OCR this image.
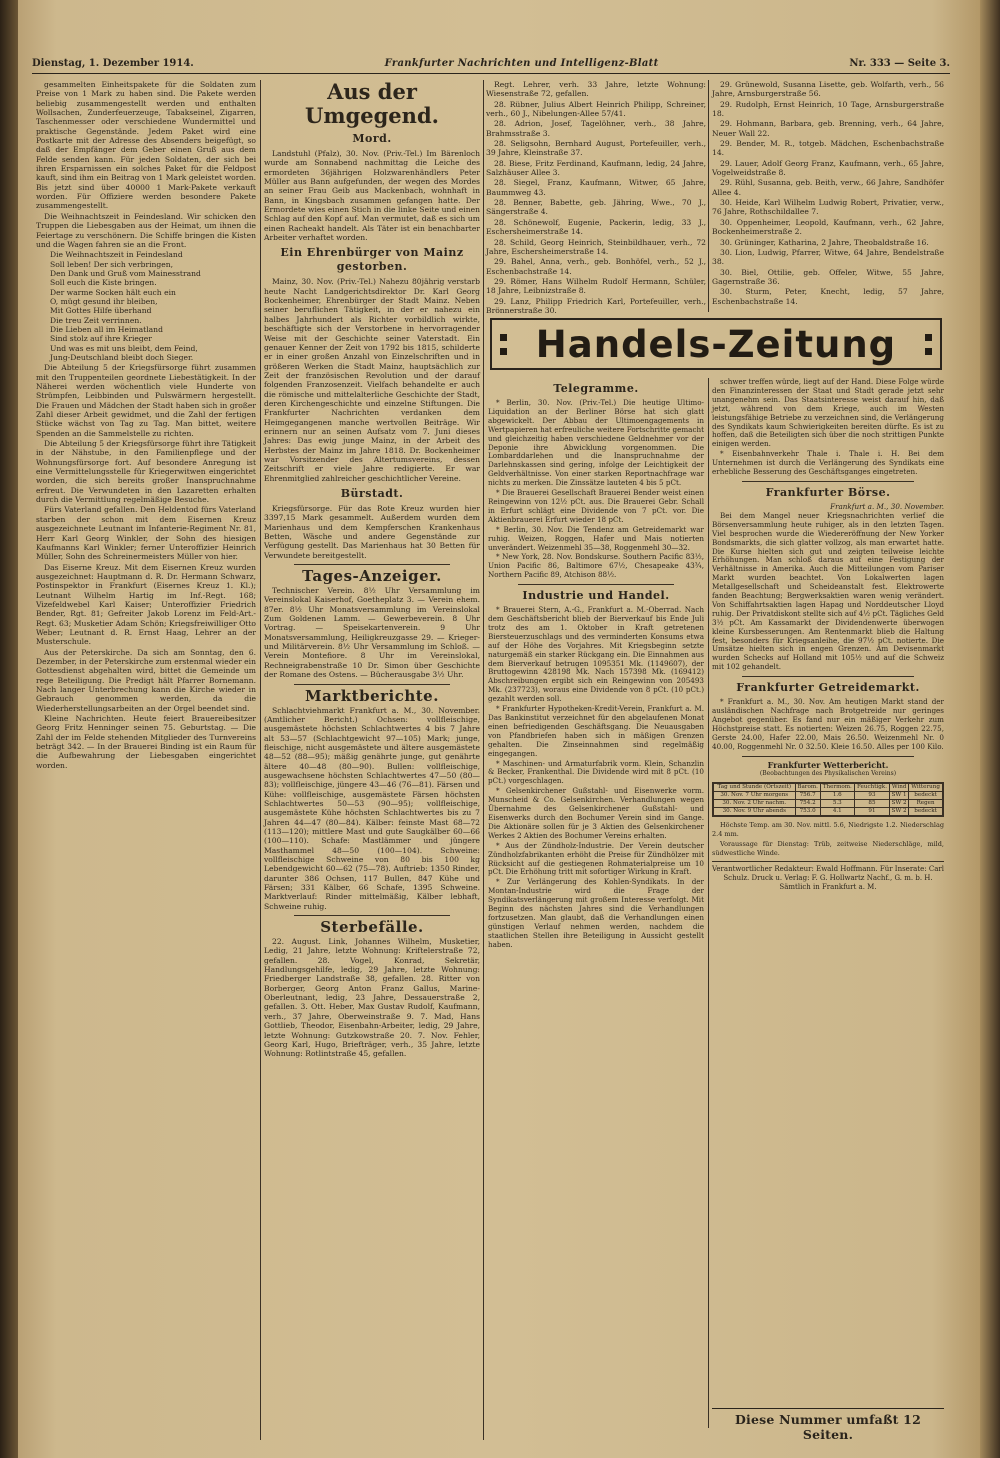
Dienstag, 1. Dezember 1914.	Frankfurter Nachrichten und Intelligenz-Blatt	Nr. 333 — Seite 3.

gesammelten Einheitspakete für die Soldaten zum Preise von 1 Mark zu haben sind. Die Pakete werden beliebig zusammengestellt werden und enthalten Wollsachen, Zunderfeuerzeuge, Tabakseinel, Zigarren, Taschenmesser oder verschiedene Wundermittel und praktische Gegenstände. Jedem Paket wird eine Postkarte mit der Adresse des Absenders beigefügt, so daß der Empfänger dem Geber einen Gruß aus dem Felde senden kann. Für jeden Soldaten, der sich bei ihren Ersparnissen ein solches Paket für die Feldpost kauft, sind ihm ein Beitrag von 1 Mark geleistet worden. Bis jetzt sind über 40000 1 Mark-Pakete verkauft worden. Für Offiziere werden besondere Pakete zusammengestellt.

Die Weihnachtszeit in Feindesland. Wir schicken den Truppen die Liebesgaben aus der Heimat, um ihnen die Feiertage zu verschönern. Die Schiffe bringen die Kisten und die Wagen fahren sie an die Front.

Die Weihnachtszeit in Feindesland
Soll leben! Der sich verbringen,
Den Dank und Gruß vom Mainesstrand
Soll euch die Kiste bringen.
Der warme Socken hält euch ein
O, mügt gesund ihr bleiben,
Mit Gottes Hilfe überhand
Die treu Zeit verrinnen.
Die Lieben all im Heimatland
Sind stolz auf ihre Krieger
Und was es mit uns bleibt, dem Feind,
Jung-Deutschland bleibt doch Sieger.

Die Abteilung 5 der Kriegsfürsorge führt zusammen mit den Truppenteilen geordnete Liebestätigkeit. In der Näherei werden wöchentlich viele Hunderte von Strümpfen, Leibbinden und Pulswärmern hergestellt. Die Frauen und Mädchen der Stadt haben sich in großer Zahl dieser Arbeit gewidmet, und die Zahl der fertigen Stücke wächst von Tag zu Tag. Man bittet, weitere Spenden an die Sammelstelle zu richten.

Die Abteilung 5 der Kriegsfürsorge führt ihre Tätigkeit in der Nähstube, in den Familienpflege und der Wohnungsfürsorge fort. Auf besondere Anregung ist eine Vermittelungsstelle für Kriegerwitwen eingerichtet worden, die sich bereits großer Inanspruchnahme erfreut. Die Verwundeten in den Lazaretten erhalten durch die Vermittlung regelmäßige Besuche.

Fürs Vaterland gefallen. Den Heldentod fürs Vaterland starben der schon mit dem Eisernen Kreuz ausgezeichnete Leutnant im Infanterie-Regiment Nr. 81, Herr Karl Georg Winkler, der Sohn des hiesigen Kaufmanns Karl Winkler; ferner Unteroffizier Heinrich Müller, Sohn des Schreinermeisters Müller von hier.

Das Eiserne Kreuz. Mit dem Eisernen Kreuz wurden ausgezeichnet: Hauptmann d. R. Dr. Hermann Schwarz, Postinspektor in Frankfurt (Eisernes Kreuz 1. Kl.); Leutnant Wilhelm Hartig im Inf.-Regt. 168; Vizefeldwebel Karl Kaiser; Unteroffizier Friedrich Bender, Rgt. 81; Gefreiter Jakob Lorenz im Feld-Art.-Regt. 63; Musketier Adam Schön; Kriegsfreiwilliger Otto Weber; Leutnant d. R. Ernst Haag, Lehrer an der Musterschule.

Aus der Peterskirche. Da sich am Sonntag, den 6. Dezember, in der Peterskirche zum erstenmal wieder ein Gottesdienst abgehalten wird, bittet die Gemeinde um rege Beteiligung. Die Predigt hält Pfarrer Bornemann. Nach langer Unterbrechung kann die Kirche wieder in Gebrauch genommen werden, da die Wiederherstellungsarbeiten an der Orgel beendet sind.

Kleine Nachrichten. Heute feiert Brauereibesitzer Georg Fritz Henninger seinen 75. Geburtstag. — Die Zahl der im Felde stehenden Mitglieder des Turnvereins beträgt 342. — In der Brauerei Binding ist ein Raum für die Aufbewahrung der Liebesgaben eingerichtet worden.

Aus der Umgegend.
Mord.

Landstuhl (Pfalz), 30. Nov. (Priv.-Tel.) Im Bärenloch wurde am Sonnabend nachmittag die Leiche des ermordeten 36jährigen Holzwarenhändlers Peter Müller aus Bann aufgefunden, der wegen des Mordes an seiner Frau Geib aus Mackenbach, wohnhaft in Bann, in Kingsbach zusammen gefangen hatte. Der Ermordete wies einen Stich in die linke Seite und einen Schlag auf den Kopf auf. Man vermutet, daß es sich um einen Racheakt handelt. Als Täter ist ein benachbarter Arbeiter verhaftet worden.

Ein Ehrenbürger von Mainz gestorben.

Mainz, 30. Nov. (Priv.-Tel.) Nahezu 80jährig verstarb heute Nacht Landgerichtsdirektor Dr. Karl Georg Bockenheimer, Ehrenbürger der Stadt Mainz. Neben seiner beruflichen Tätigkeit, in der er nahezu ein halbes Jahrhundert als Richter vorbildlich wirkte, beschäftigte sich der Verstorbene in hervorragender Weise mit der Geschichte seiner Vaterstadt. Ein genauer Kenner der Zeit von 1792 bis 1815, schilderte er in einer großen Anzahl von Einzelschriften und in größeren Werken die Stadt Mainz, hauptsächlich zur Zeit der französischen Revolution und der darauf folgenden Franzosenzeit. Vielfach behandelte er auch die römische und mittelalterliche Geschichte der Stadt, deren Kirchengeschichte und einzelne Stiftungen. Die Frankfurter Nachrichten verdanken dem Heimgegangenen manche wertvollen Beiträge. Wir erinnern nur an seinen Aufsatz vom 7. Juni dieses Jahres: Das ewig junge Mainz, in der Arbeit des Herbstes der Mainz im Jahre 1818. Dr. Bockenheimer war Vorsitzender des Altertumsvereins, dessen Zeitschrift er viele Jahre redigierte. Er war Ehrenmitglied zahlreicher geschichtlicher Vereine.

Bürstadt.

Kriegsfürsorge. Für das Rote Kreuz wurden hier 3397,15 Mark gesammelt. Außerdem wurden dem Marienhaus und dem Kempferschen Krankenhaus Betten, Wäsche und andere Gegenstände zur Verfügung gestellt. Das Marienhaus hat 30 Betten für Verwundete bereitgestellt.

Tages-Anzeiger.

Technischer Verein. 8½ Uhr Versammlung im Vereinslokal Kaiserhof, Goetheplatz 3. — Verein ehem. 87er. 8½ Uhr Monatsversammlung im Vereinslokal Zum Goldenen Lamm. — Gewerbeverein. 8 Uhr Vortrag. — Speisekartenverein. 9 Uhr Monatsversammlung, Heiligkreuzgasse 29. — Krieger- und Militärverein. 8½ Uhr Versammlung im Schloß. — Verein Montefiore. 8 Uhr im Vereinslokal, Rechneigrabenstraße 10 Dr. Simon über Geschichte der Romane des Ostens. — Bücherausgabe 3½ Uhr.

Marktberichte.

Schlachtviehmarkt Frankfurt a. M., 30. November. (Amtlicher Bericht.) Ochsen: vollfleischige, ausgemästete höchsten Schlachtwertes 4 bis 7 Jahre alt 53—57 (Schlachtgewicht 97—105) Mark; junge, fleischige, nicht ausgemästete und ältere ausgemästete 48—52 (88—95); mäßig genährte junge, gut genährte ältere 40—48 (80—90). Bullen: vollfleischige, ausgewachsene höchsten Schlachtwertes 47—50 (80—83); vollfleischige, jüngere 43—46 (76—81). Färsen und Kühe: vollfleischige, ausgemästete Färsen höchsten Schlachtwertes 50—53 (90—95); vollfleischige, ausgemästete Kühe höchsten Schlachtwertes bis zu 7 Jahren 44—47 (80—84). Kälber: feinste Mast 68—72 (113—120); mittlere Mast und gute Saugkälber 60—66 (100—110). Schafe: Mastlämmer und jüngere Masthammel 48—50 (100—104). Schweine: vollfleischige Schweine von 80 bis 100 kg Lebendgewicht 60—62 (75—78). Auftrieb: 1350 Rinder, darunter 386 Ochsen, 117 Bullen, 847 Kühe und Färsen; 331 Kälber, 66 Schafe, 1395 Schweine. Marktverlauf: Rinder mittelmäßig, Kälber lebhaft, Schweine ruhig.

Sterbefälle.

22. August. Link, Johannes Wilhelm, Musketier, Ledig, 21 Jahre, letzte Wohnung: Kriftelerstraße 72, gefallen. 28. Vogel, Konrad, Sekretär, Handlungsgehilfe, ledig, 29 Jahre, letzte Wohnung: Friedberger Landstraße 38, gefallen. 28. Ritter von Borberger, Georg Anton Franz Gallus, Marine-Oberleutnant, ledig, 23 Jahre, Dessauerstraße 2, gefallen. 3. Ott. Heber, Max Gustav Rudolf, Kaufmann, verh., 37 Jahre, Oberweinstraße 9. 7. Mad, Hans Gottlieb, Theodor, Eisenbahn-Arbeiter, ledig, 29 Jahre, letzte Wohnung: Gutzkowstraße 20. 7. Nov. Fehler, Georg Karl, Hugo, Briefträger, verh., 35 Jahre, letzte Wohnung: Rotlintstraße 45, gefallen.

Regt. Lehrer, verh. 33 Jahre, letzte Wohnung: Wiesenstraße 72, gefallen.

28. Rübner, Julius Albert Heinrich Philipp, Schreiner, verh., 60 J., Nibelungen-Allee 57/41.

28. Adrion, Josef, Tagelöhner, verh., 38 Jahre, Brahmsstraße 3.

28. Seligsohn, Bernhard August, Portefeuiller, verh., 39 Jahre, Kleinstraße 37.

28. Biese, Fritz Ferdinand, Kaufmann, ledig, 24 Jahre, Salzhäuser Allee 3.

28. Siegel, Franz, Kaufmann, Witwer, 65 Jahre, Baummweg 43.

28. Benner, Babette, geb. Jähring, Wwe., 70 J., Sängerstraße 4.

28. Schönewolf, Eugenie, Packerin, ledig, 33 J., Eschersheimerstraße 14.

28. Schild, Georg Heinrich, Steinbildhauer, verh., 72 Jahre, Eschersheimerstraße 14.

29. Bahel, Anna, verh., geb. Bonhöfel, verh., 52 J., Eschenbachstraße 14.

29. Römer, Hans Wilhelm Rudolf Hermann, Schüler, 18 Jahre, Leibnizstraße 8.

29. Lanz, Philipp Friedrich Karl, Portefeuiller, verh., Brönnerstraße 30.

29. Grünewold, Susanna Lisette, geb. Wolfarth, verh., 56 Jahre, Arnsburgerstraße 56.

29. Rudolph, Ernst Heinrich, 10 Tage, Arnsburgerstraße 18.

29. Hohmann, Barbara, geb. Brenning, verh., 64 Jahre, Neuer Wall 22.

29. Bender, M. R., totgeb. Mädchen, Eschenbachstraße 14.

29. Lauer, Adolf Georg Franz, Kaufmann, verh., 65 Jahre, Vogelweidstraße 8.

29. Rühl, Susanna, geb. Beith, verw., 66 Jahre, Sandhöfer Allee 4.

30. Heide, Karl Wilhelm Ludwig Robert, Privatier, verw., 76 Jahre, Rothschildallee 7.

30. Oppenheimer, Leopold, Kaufmann, verh., 62 Jahre, Bockenheimerstraße 2.

30. Grüninger, Katharina, 2 Jahre, Theobaldstraße 16.

30. Lion, Ludwig, Pfarrer, Witwe, 64 Jahre, Bendelstraße 38.

30. Biel, Ottilie, geb. Offeler, Witwe, 55 Jahre, Gagernstraße 36.

30. Sturm, Peter, Knecht, ledig, 57 Jahre, Eschenbachstraße 14.

Handels-Zeitung
Telegramme.

* Berlin, 30. Nov. (Priv.-Tel.) Die heutige Ultimo-Liquidation an der Berliner Börse hat sich glatt abgewickelt. Der Abbau der Ultimoengagements in Wertpapieren hat erfreuliche weitere Fortschritte gemacht und gleichzeitig haben verschiedene Geldnehmer vor der Deponie ihre Abwicklung vorgenommen. Die Lombarddarlehen und die Inanspruchnahme der Darlehnskassen sind gering, infolge der Leichtigkeit der Geldverhältnisse. Von einer starken Reportnachfrage war nichts zu merken. Die Zinssätze lauteten 4 bis 5 pCt.

* Die Brauerei Gesellschaft Brauerei Bender weist einen Reingewinn von 12½ pCt. aus. Die Brauerei Gebr. Schall in Erfurt schlägt eine Dividende von 7 pCt. vor. Die Aktienbrauerei Erfurt wieder 18 pCt.

* Berlin, 30. Nov. Die Tendenz am Getreidemarkt war ruhig. Weizen, Roggen, Hafer und Mais notierten unverändert. Weizenmehl 35—38, Roggenmehl 30—32.

* New York, 28. Nov. Bondskurse. Southern Pacific 83½, Union Pacific 86, Baltimore 67½, Chesapeake 43¾, Northern Pacific 89, Atchison 88½.

Industrie und Handel.

* Brauerei Stern, A.-G., Frankfurt a. M.-Oberrad. Nach dem Geschäftsbericht blieb der Bierverkauf bis Ende Juli trotz des am 1. Oktober in Kraft getretenen Biersteuerzuschlags und des verminderten Konsums etwa auf der Höhe des Vorjahres. Mit Kriegsbeginn setzte naturgemäß ein starker Rückgang ein. Die Einnahmen aus dem Bierverkauf betrugen 1095351 Mk. (1149607), der Bruttogewinn 428198 Mk. Nach 157398 Mk. (169412) Abschreibungen ergibt sich ein Reingewinn von 205493 Mk. (237723), woraus eine Dividende von 8 pCt. (10 pCt.) gezahlt werden soll.

* Frankfurter Hypotheken-Kredit-Verein, Frankfurt a. M. Das Bankinstitut verzeichnet für den abgelaufenen Monat einen befriedigenden Geschäftsgang. Die Neuausgaben von Pfandbriefen haben sich in mäßigen Grenzen gehalten. Die Zinseinnahmen sind regelmäßig eingegangen.

* Maschinen- und Armaturfabrik vorm. Klein, Schanzlin & Becker, Frankenthal. Die Dividende wird mit 8 pCt. (10 pCt.) vorgeschlagen.

* Gelsenkirchener Gußstahl- und Eisenwerke vorm. Munscheid & Co. Gelsenkirchen. Verhandlungen wegen Übernahme des Gelsenkirchener Gußstahl- und Eisenwerks durch den Bochumer Verein sind im Gange. Die Aktionäre sollen für je 3 Aktien des Gelsenkirchener Werkes 2 Aktien des Bochumer Vereins erhalten.

* Aus der Zündholz-Industrie. Der Verein deutscher Zündholzfabrikanten erhöht die Preise für Zündhölzer mit Rücksicht auf die gestiegenen Rohmaterialpreise um 10 pCt. Die Erhöhung tritt mit sofortiger Wirkung in Kraft.

* Zur Verlängerung des Kohlen-Syndikats. In der Montan-Industrie wird die Frage der Syndikatsverlängerung mit großem Interesse verfolgt. Mit Beginn des nächsten Jahres sind die Verhandlungen fortzusetzen. Man glaubt, daß die Verhandlungen einen günstigen Verlauf nehmen werden, nachdem die staatlichen Stellen ihre Beteiligung in Aussicht gestellt haben.

schwer treffen würde, liegt auf der Hand. Diese Folge würde den Finanzinteressen der Staat und Stadt gerade jetzt sehr unangenehm sein. Das Staatsinteresse weist darauf hin, daß jetzt, während von dem Kriege, auch im Westen leistungsfähige Betriebe zu verzeichnen sind, die Verlängerung des Syndikats kaum Schwierigkeiten bereiten dürfte. Es ist zu hoffen, daß die Beteiligten sich über die noch strittigen Punkte einigen werden.

* Eisenbahnverkehr Thale i. Thale i. H. Bei dem Unternehmen ist durch die Verlängerung des Syndikats eine erhebliche Besserung des Geschäftsganges eingetreten.

Frankfurter Börse.
Frankfurt a. M., 30. November.

Bei dem Mangel neuer Kriegsnachrichten verlief die Börsenversammlung heute ruhiger, als in den letzten Tagen. Viel besprochen wurde die Wiedereröffnung der New Yorker Bondsmarkts, die sich glatter vollzog, als man erwartet hatte. Die Kurse hielten sich gut und zeigten teilweise leichte Erhöhungen. Man schloß daraus auf eine Festigung der Verhältnisse in Amerika. Auch die Mitteilungen vom Pariser Markt wurden beachtet. Von Lokalwerten lagen Metallgesellschaft und Scheideanstalt fest. Elektrowerte fanden Beachtung; Bergwerksaktien waren wenig verändert. Von Schiffahrtsaktien lagen Hapag und Norddeutscher Lloyd ruhig. Der Privatdiskont stellte sich auf 4½ pCt. Tägliches Geld 3½ pCt. Am Kassamarkt der Dividendenwerte überwogen kleine Kursbesserungen. Am Rentenmarkt blieb die Haltung fest, besonders für Kriegsanleihe, die 97½ pCt. notierte. Die Umsätze hielten sich in engen Grenzen. Am Devisenmarkt wurden Schecks auf Holland mit 105½ und auf die Schweiz mit 102 gehandelt.

Frankfurter Getreidemarkt.

* Frankfurt a. M., 30. Nov. Am heutigen Markt stand der ausländischen Nachfrage nach Brotgetreide nur geringes Angebot gegenüber. Es fand nur ein mäßiger Verkehr zum Höchstpreise statt. Es notierten: Weizen 26.75, Roggen 22.75, Gerste 24.00, Hafer 22.00, Mais 26.50. Weizenmehl Nr. 0 40.00, Roggenmehl Nr. 0 32.50. Kleie 16.50. Alles per 100 Kilo.

Frankfurter Wetterbericht.
(Beobachtungen des Physikalischen Vereins)
Tag und Stunde (Ortszeit)	Barom.	Thermom.	Feuchtigk.	Wind	Witterung
30. Nov. 7 Uhr morgens	756.7	1.6	93	SW 1	bedeckt
30. Nov. 2 Uhr nachm.	754.2	5.3	85	SW 2	Regen
30. Nov. 9 Uhr abends	753.0	4.1	91	SW 2	bedeckt

Höchste Temp. am 30. Nov. mittl. 5.6, Niedrigste 1.2. Niederschlag 2.4 mm.

Voraussage für Dienstag: Trüb, zeitweise Niederschläge, mild, südwestliche Winde.

Verantwortlicher Redakteur: Ewald Hoffmann. Für Inserate: Carl Schulz. Druck u. Verlag: F. G. Hollwartz Nachf., G. m. b. H. Sämtlich in Frankfurt a. M.
Diese Nummer umfaßt 12 Seiten.
